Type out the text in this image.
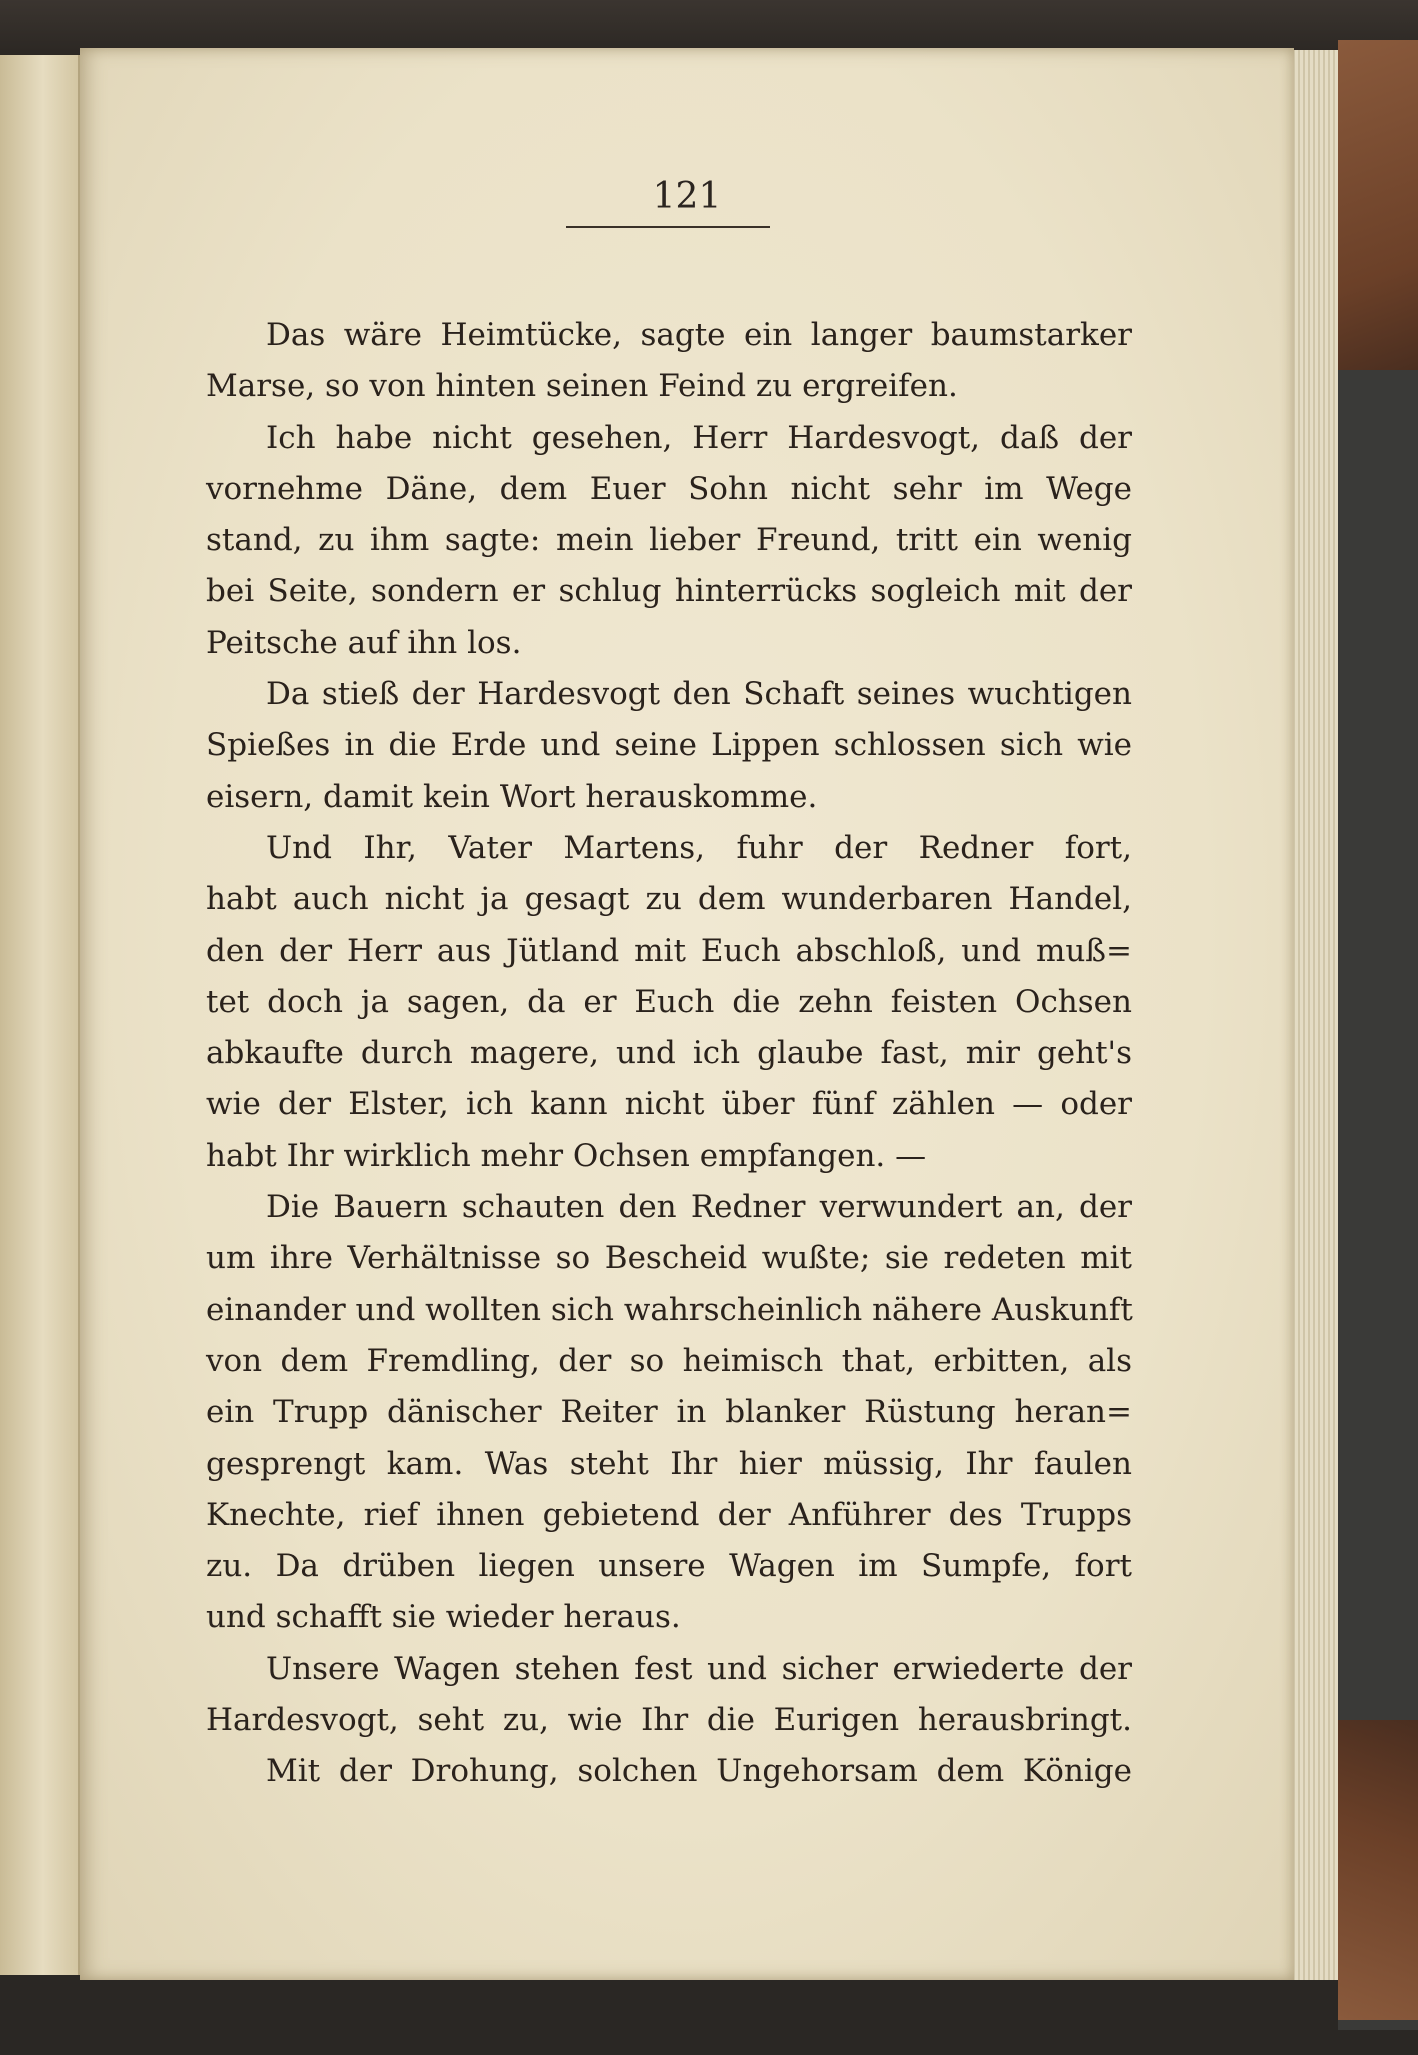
121
Das wäre Heimtücke, sagte ein langer baumstarker
Marse, so von hinten seinen Feind zu ergreifen.
Ich habe nicht gesehen, Herr Hardesvogt, daß der
vornehme Däne, dem Euer Sohn nicht sehr im Wege
stand, zu ihm sagte: mein lieber Freund, tritt ein wenig
bei Seite, sondern er schlug hinterrücks sogleich mit der
Peitsche auf ihn los.
Da stieß der Hardesvogt den Schaft seines wuchtigen
Spießes in die Erde und seine Lippen schlossen sich wie
eisern, damit kein Wort herauskomme.
Und Ihr, Vater Martens, fuhr der Redner fort,
habt auch nicht ja gesagt zu dem wunderbaren Handel,
den der Herr aus Jütland mit Euch abschloß, und muß=
tet doch ja sagen, da er Euch die zehn feisten Ochsen
abkaufte durch magere, und ich glaube fast, mir geht's
wie der Elster, ich kann nicht über fünf zählen — oder
habt Ihr wirklich mehr Ochsen empfangen. —
Die Bauern schauten den Redner verwundert an, der
um ihre Verhältnisse so Bescheid wußte; sie redeten mit
einander und wollten sich wahrscheinlich nähere Auskunft
von dem Fremdling, der so heimisch that, erbitten, als
ein Trupp dänischer Reiter in blanker Rüstung heran=
gesprengt kam. Was steht Ihr hier müssig, Ihr faulen
Knechte, rief ihnen gebietend der Anführer des Trupps
zu. Da drüben liegen unsere Wagen im Sumpfe, fort
und schafft sie wieder heraus.
Unsere Wagen stehen fest und sicher erwiederte der
Hardesvogt, seht zu, wie Ihr die Eurigen herausbringt.
Mit der Drohung, solchen Ungehorsam dem Könige
